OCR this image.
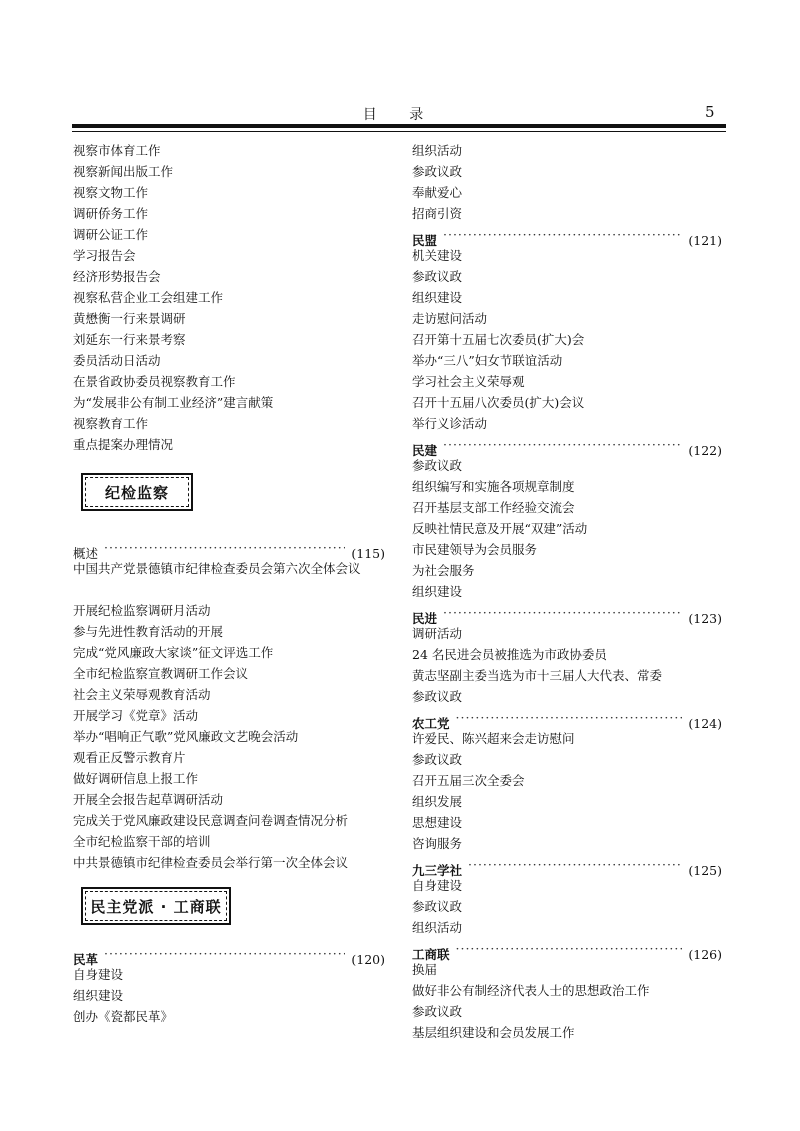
目 录	5
视察市体育工作
视察新闻出版工作
视察文物工作
调研侨务工作
调研公证工作
学习报告会
经济形势报告会
视察私营企业工会组建工作
黄懋衡一行来景调研
刘延东一行来景考察
委员活动日活动
在景省政协委员视察教育工作
为“发展非公有制工业经济”建言献策
视察教育工作
重点提案办理情况
纪检监察
概述 ·····	(115)
中国共产党景德镇市纪律检查委员会第六次全体会议
开展纪检监察调研月活动
参与先进性教育活动的开展
完成“党风廉政大家谈”征文评选工作
全市纪检监察宣教调研工作会议
社会主义荣辱观教育活动
开展学习《党章》活动
举办“唱响正气歌”党风廉政文艺晚会活动
观看正反警示教育片
做好调研信息上报工作
开展全会报告起草调研活动
完成关于党风廉政建设民意调查问卷调查情况分析
全市纪检监察干部的培训
中共景德镇市纪律检查委员会举行第一次全体会议
民主党派 · 工商联
民革 ·····	(120)
自身建设
组织建设
创办《瓷都民革》
组织活动
参政议政
奉献爱心
招商引资
民盟 ·····	(121)
机关建设
参政议政
组织建设
走访慰问活动
召开第十五届七次委员(扩大)会
举办“三八”妇女节联谊活动
学习社会主义荣辱观
召开十五届八次委员(扩大)会议
举行义诊活动
民建 ·····	(122)
参政议政
组织编写和实施各项规章制度
召开基层支部工作经验交流会
反映社情民意及开展“双建”活动
市民建领导为会员服务
为社会服务
组织建设
民进 ·····	(123)
调研活动
24 名民进会员被推选为市政协委员
黄志坚副主委当选为市十三届人大代表、常委
参政议政
农工党 ·····	(124)
许爱民、陈兴超来会走访慰问
参政议政
召开五届三次全委会
组织发展
思想建设
咨询服务
九三学社 ·····	(125)
自身建设
参政议政
组织活动
工商联 ·····	(126)
换届
做好非公有制经济代表人士的思想政治工作
参政议政
基层组织建设和会员发展工作
